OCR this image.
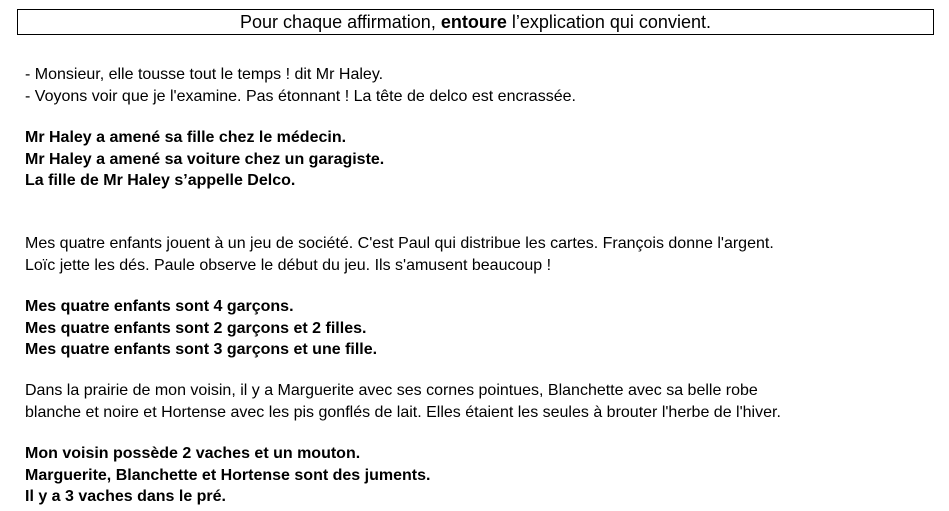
Pour chaque affirmation, entoure l’explication qui convient.
- Monsieur, elle tousse tout le temps ! dit Mr Haley.
- Voyons voir que je l'examine. Pas étonnant ! La tête de delco est encrassée.
Mr Haley a amené sa fille chez le médecin.
Mr Haley a amené sa voiture chez un garagiste.
La fille de Mr Haley s’appelle Delco.
Mes quatre enfants jouent à un jeu de société. C'est Paul qui distribue les cartes. François donne l'argent.
Loïc jette les dés. Paule observe le début du jeu. Ils s'amusent beaucoup !
Mes quatre enfants sont 4 garçons.
Mes quatre enfants sont 2 garçons et 2 filles.
Mes quatre enfants sont 3 garçons et une fille.
Dans la prairie de mon voisin, il y a Marguerite avec ses cornes pointues, Blanchette avec sa belle robe
blanche et noire et Hortense avec les pis gonflés de lait. Elles étaient les seules à brouter l'herbe de l'hiver.
Mon voisin possède 2 vaches et un mouton.
Marguerite, Blanchette et Hortense sont des juments.
Il y a 3 vaches dans le pré.
